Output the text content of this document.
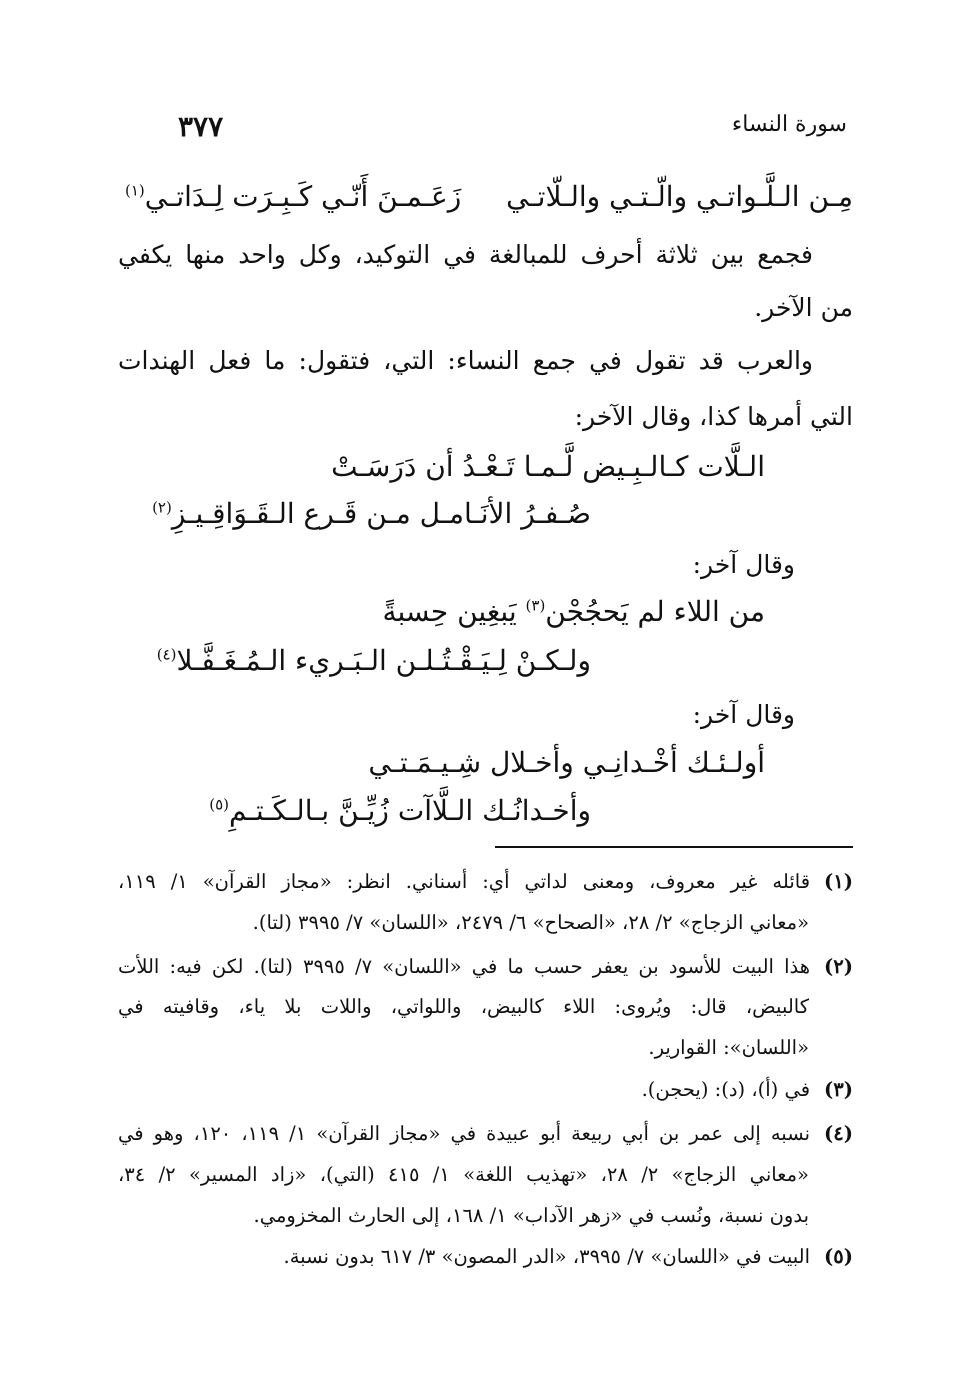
سورة النساء
٣٧٧
مِـن الـلَّـواتـي والّـتـي والـلّاتـي
زَعَـمـنَ أَنّـي كَـبِـرَت لِـدَاتـي$^{(١)}$
فجمع بين ثلاثة أحرف للمبالغة في التوكيد، وكل واحد منها يكفي
من الآخر.
والعرب قد تقول في جمع النساء: التي، فتقول: ما فعل الهندات
التي أمرها كذا، وقال الآخر:
الـلَّات كـالـبِـيض لَّـمـا تَـعْـدُ أن دَرَسَـتْ
صُـفـرُ الأنَـامـل مـن قَـرع الـقَـوَاقِـيـزِ$^{(٢)}$
وقال آخر:
من اللاء لم يَحجُجْن$^{(٣)}$ يَبغِين حِسبةً
ولـكـنْ لِـيَـقْـتُـلـن الـبَـريء الـمُـغَـفَّـلا$^{(٤)}$
وقال آخر:
أولـئـك أخْـدانِـي وأخـلال شِـيـمَـتـي
وأخـدانُـك الـلَّاآت زُيِّـنَّ بـالـكَـتـمِ$^{(٥)}$
(١)قائله غير معروف، ومعنى لداتي أي: أسناني. انظر: «مجاز القرآن» ١/ ١١٩،
«معاني الزجاج» ٢/ ٢٨، «الصحاح» ٦/ ٢٤٧٩، «اللسان» ٧/ ٣٩٩٥ (لتا).
(٢)هذا البيت للأسود بن يعفر حسب ما في «اللسان» ٧/ ٣٩٩٥ (لتا). لكن فيه: اللأت
كالبيض، قال: ويُروى: اللاء كالبيض، واللواتي، واللات بلا ياء، وقافيته في
«اللسان»: القوارير.
(٣)في (أ)، (د): (يحجن).
(٤)نسبه إلى عمر بن أبي ربيعة أبو عبيدة في «مجاز القرآن» ١/ ١١٩، ١٢٠، وهو في
«معاني الزجاج» ٢/ ٢٨، «تهذيب اللغة» ١/ ٤١٥ (التي)، «زاد المسير» ٢/ ٣٤،
بدون نسبة، ونُسب في «زهر الآداب» ١/ ١٦٨، إلى الحارث المخزومي.
(٥)البيت في «اللسان» ٧/ ٣٩٩٥، «الدر المصون» ٣/ ٦١٧ بدون نسبة.
